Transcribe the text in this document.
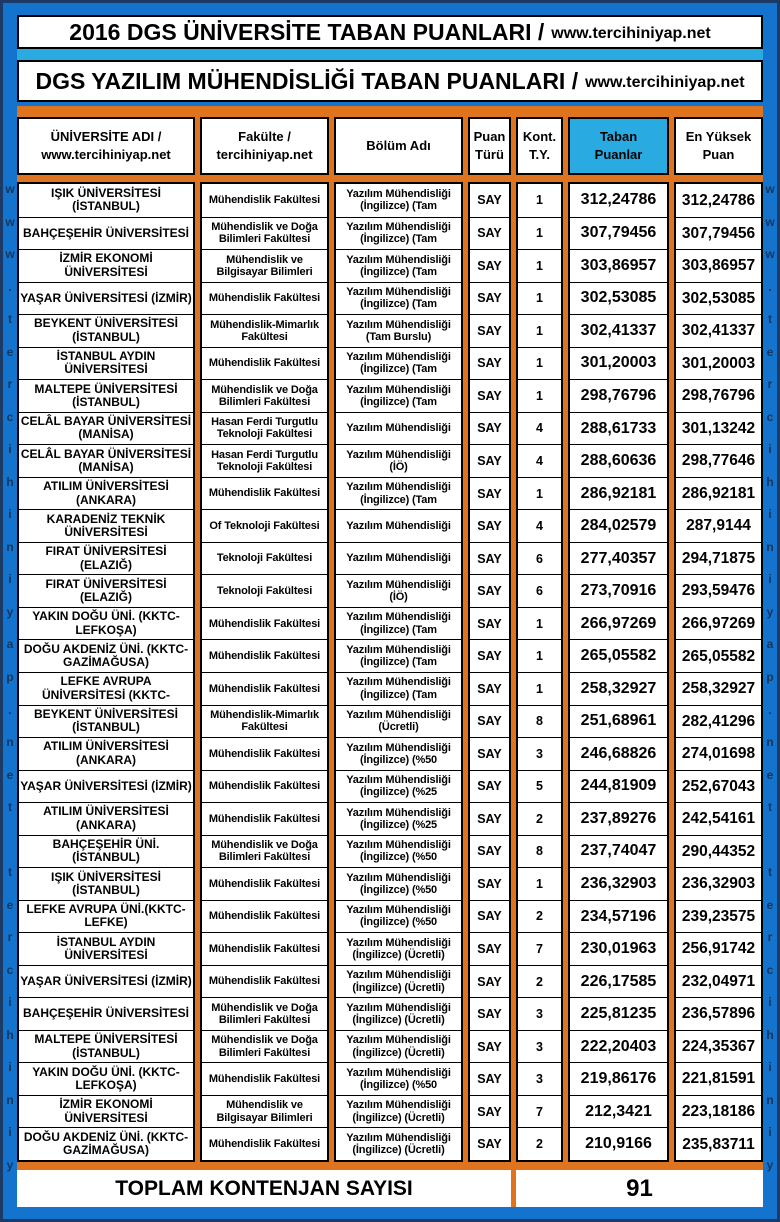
w
w
w
.
t
e
r
c
i
h
i
n
i
y
a
p
.
n
e
t
t
e
r
c
i
h
i
n
i
y
w
w
w
.
t
e
r
c
i
h
i
n
i
y
a
p
.
n
e
t
t
e
r
c
i
h
i
n
i
y
2016 DGS ÜNİVERSİTE TABAN PUANLARI / www.tercihiniyap.net
DGS YAZILIM MÜHENDİSLİĞİ TABAN PUANLARI / www.tercihiniyap.net
ÜNİVERSİTE ADI /
www.tercihiniyap.net
Fakülte /
tercihiniyap.net
Bölüm Adı
Puan
Türü
Kont.
T.Y.
Taban
Puanlar
En Yüksek
Puan
IŞIK ÜNİVERSİTESİ (İSTANBUL)
BAHÇEŞEHİR ÜNİVERSİTESİ
İZMİR EKONOMİ ÜNİVERSİTESİ
YAŞAR ÜNİVERSİTESİ (İZMİR)
BEYKENT ÜNİVERSİTESİ (İSTANBUL)
İSTANBUL AYDIN ÜNİVERSİTESİ
MALTEPE ÜNİVERSİTESİ (İSTANBUL)
CELÂL BAYAR ÜNİVERSİTESİ (MANİSA)
CELÂL BAYAR ÜNİVERSİTESİ (MANİSA)
ATILIM ÜNİVERSİTESİ (ANKARA)
KARADENİZ TEKNİK ÜNİVERSİTESİ
FIRAT ÜNİVERSİTESİ (ELAZIĞ)
FIRAT ÜNİVERSİTESİ (ELAZIĞ)
YAKIN DOĞU ÜNİ. (KKTC-LEFKOŞA)
DOĞU AKDENİZ ÜNİ. (KKTC-GAZİMAĞUSA)
LEFKE AVRUPA ÜNİVERSİTESİ (KKTC-
BEYKENT ÜNİVERSİTESİ (İSTANBUL)
ATILIM ÜNİVERSİTESİ (ANKARA)
YAŞAR ÜNİVERSİTESİ (İZMİR)
ATILIM ÜNİVERSİTESİ (ANKARA)
BAHÇEŞEHİR ÜNİ. (İSTANBUL)
IŞIK ÜNİVERSİTESİ (İSTANBUL)
LEFKE AVRUPA ÜNİ.(KKTC-LEFKE)
İSTANBUL AYDIN ÜNİVERSİTESİ
YAŞAR ÜNİVERSİTESİ (İZMİR)
BAHÇEŞEHİR ÜNİVERSİTESİ
MALTEPE ÜNİVERSİTESİ (İSTANBUL)
YAKIN DOĞU ÜNİ. (KKTC-LEFKOŞA)
İZMİR EKONOMİ ÜNİVERSİTESİ
DOĞU AKDENİZ ÜNİ. (KKTC-GAZİMAĞUSA)
Mühendislik Fakültesi
Mühendislik ve Doğa Bilimleri Fakültesi
Mühendislik ve Bilgisayar Bilimleri
Mühendislik Fakültesi
Mühendislik-Mimarlık Fakültesi
Mühendislik Fakültesi
Mühendislik ve Doğa Bilimleri Fakültesi
Hasan Ferdi Turgutlu Teknoloji Fakültesi
Hasan Ferdi Turgutlu Teknoloji Fakültesi
Mühendislik Fakültesi
Of Teknoloji Fakültesi
Teknoloji Fakültesi
Teknoloji Fakültesi
Mühendislik Fakültesi
Mühendislik Fakültesi
Mühendislik Fakültesi
Mühendislik-Mimarlık Fakültesi
Mühendislik Fakültesi
Mühendislik Fakültesi
Mühendislik Fakültesi
Mühendislik ve Doğa Bilimleri Fakültesi
Mühendislik Fakültesi
Mühendislik Fakültesi
Mühendislik Fakültesi
Mühendislik Fakültesi
Mühendislik ve Doğa Bilimleri Fakültesi
Mühendislik ve Doğa Bilimleri Fakültesi
Mühendislik Fakültesi
Mühendislik ve Bilgisayar Bilimleri
Mühendislik Fakültesi
Yazılım Mühendisliği (İngilizce) (Tam
Yazılım Mühendisliği (İngilizce) (Tam
Yazılım Mühendisliği (İngilizce) (Tam
Yazılım Mühendisliği (İngilizce) (Tam
Yazılım Mühendisliği (Tam Burslu)
Yazılım Mühendisliği (İngilizce) (Tam
Yazılım Mühendisliği (İngilizce) (Tam
Yazılım Mühendisliği
Yazılım Mühendisliği (İÖ)
Yazılım Mühendisliği (İngilizce) (Tam
Yazılım Mühendisliği
Yazılım Mühendisliği
Yazılım Mühendisliği (İÖ)
Yazılım Mühendisliği (İngilizce) (Tam
Yazılım Mühendisliği (İngilizce) (Tam
Yazılım Mühendisliği (İngilizce) (Tam
Yazılım Mühendisliği (Ücretli)
Yazılım Mühendisliği (İngilizce) (%50
Yazılım Mühendisliği (İngilizce) (%25
Yazılım Mühendisliği (İngilizce) (%25
Yazılım Mühendisliği (İngilizce) (%50
Yazılım Mühendisliği (İngilizce) (%50
Yazılım Mühendisliği (İngilizce) (%50
Yazılım Mühendisliği (İngilizce) (Ücretli)
Yazılım Mühendisliği (İngilizce) (Ücretli)
Yazılım Mühendisliği (İngilizce) (Ücretli)
Yazılım Mühendisliği (İngilizce) (Ücretli)
Yazılım Mühendisliği (İngilizce) (%50
Yazılım Mühendisliği (İngilizce) (Ücretli)
Yazılım Mühendisliği (İngilizce) (Ücretli)
SAY
SAY
SAY
SAY
SAY
SAY
SAY
SAY
SAY
SAY
SAY
SAY
SAY
SAY
SAY
SAY
SAY
SAY
SAY
SAY
SAY
SAY
SAY
SAY
SAY
SAY
SAY
SAY
SAY
SAY
1
1
1
1
1
1
1
4
4
1
4
6
6
1
1
1
8
3
5
2
8
1
2
7
2
3
3
3
7
2
312,24786
307,79456
303,86957
302,53085
302,41337
301,20003
298,76796
288,61733
288,60636
286,92181
284,02579
277,40357
273,70916
266,97269
265,05582
258,32927
251,68961
246,68826
244,81909
237,89276
237,74047
236,32903
234,57196
230,01963
226,17585
225,81235
222,20403
219,86176
212,3421
210,9166
312,24786
307,79456
303,86957
302,53085
302,41337
301,20003
298,76796
301,13242
298,77646
286,92181
287,9144
294,71875
293,59476
266,97269
265,05582
258,32927
282,41296
274,01698
252,67043
242,54161
290,44352
236,32903
239,23575
256,91742
232,04971
236,57896
224,35367
221,81591
223,18186
235,83711
TOPLAM KONTENJAN SAYISI	91
